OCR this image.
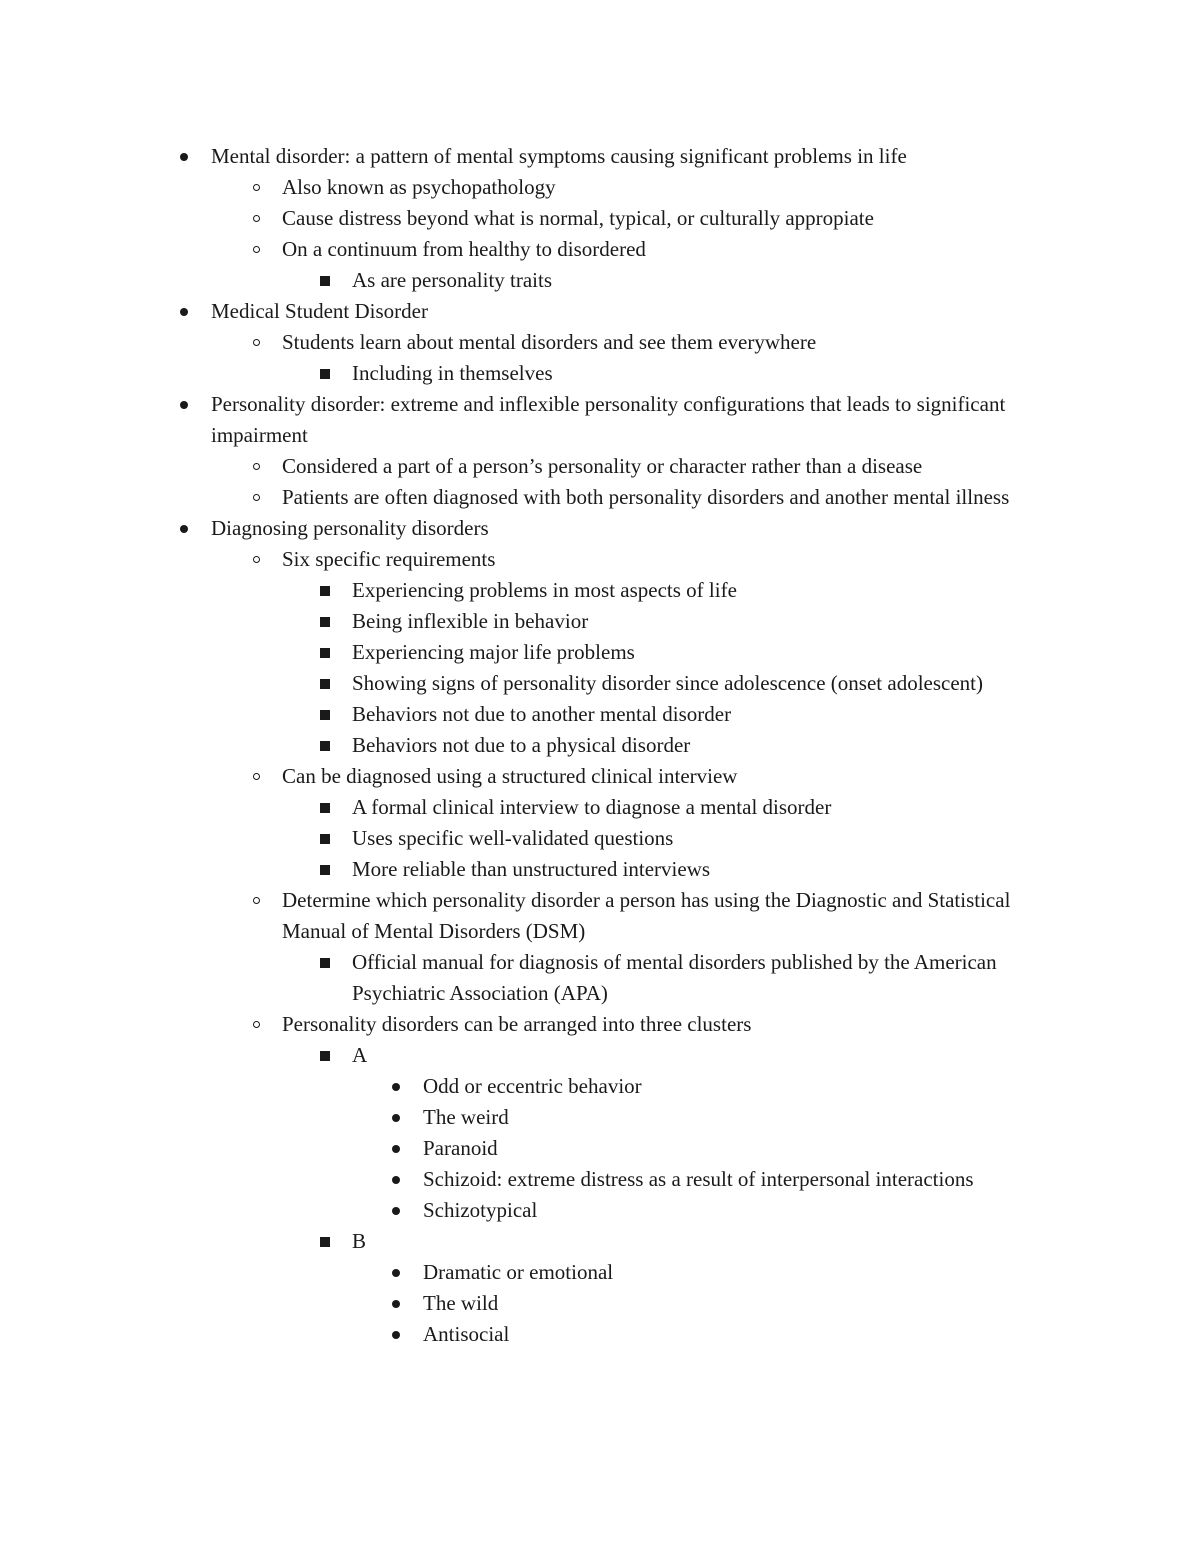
Mental disorder: a pattern of mental symptoms causing significant problems in life
Also known as psychopathology
Cause distress beyond what is normal, typical, or culturally appropiate
On a continuum from healthy to disordered
As are personality traits
Medical Student Disorder
Students learn about mental disorders and see them everywhere
Including in themselves
Personality disorder: extreme and inflexible personality configurations that leads to significant impairment
Considered a part of a person’s personality or character rather than a disease
Patients are often diagnosed with both personality disorders and another mental illness
Diagnosing personality disorders
Six specific requirements
Experiencing problems in most aspects of life
Being inflexible in behavior
Experiencing major life problems
Showing signs of personality disorder since adolescence (onset adolescent)
Behaviors not due to another mental disorder
Behaviors not due to a physical disorder
Can be diagnosed using a structured clinical interview
A formal clinical interview to diagnose a mental disorder
Uses specific well-validated questions
More reliable than unstructured interviews
Determine which personality disorder a person has using the Diagnostic and Statistical Manual of Mental Disorders (DSM)
Official manual for diagnosis of mental disorders published by the American Psychiatric Association (APA)
Personality disorders can be arranged into three clusters
A
Odd or eccentric behavior
The weird
Paranoid
Schizoid: extreme distress as a result of interpersonal interactions
Schizotypical
B
Dramatic or emotional
The wild
Antisocial
